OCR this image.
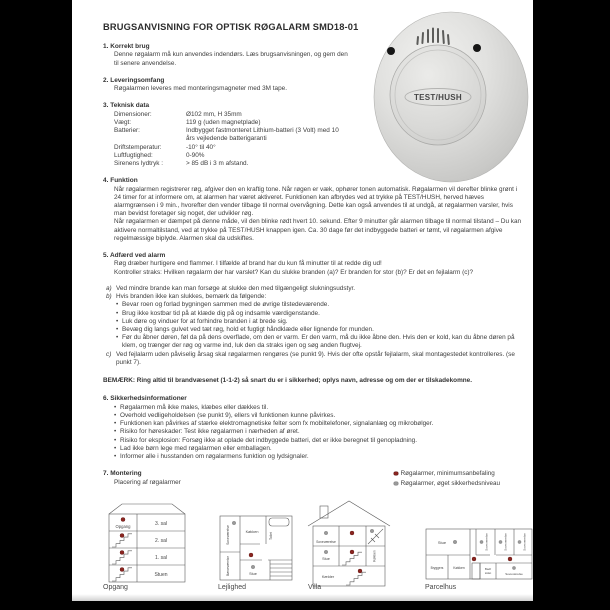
BRUGSANVISNING FOR OPTISK RØGALARM SMD18-01
1. Korrekt brug
Denne røgalarm må kun anvendes indendørs. Læs brugsanvisningen, og gem den til senere anvendelse.
2. Leveringsomfang
Røgalarmen leveres med monteringsmagneter med 3M tape.
3. Teknisk data
Dimensioner:	Ø102 mm, H 35mm
Vægt:	119 g (uden magnetplade)
Batterier:	Indbygget fastmonteret Lithium-batteri (3 Volt) med 10 års vejledende batterigaranti
Driftstemperatur:	-10° til 40°
Luftfugtighed:	0-90%
Sirenens lydtryk :	> 85 dB i 3 m afstand.
4. Funktion
Når røgalarmen registrerer røg, afgiver den en kraftig tone. Når røgen er væk, ophører tonen automatisk. Røgalarmen vil derefter blinke grønt i 24 timer for at informere om, at alarmen har været aktiveret. Funktionen kan afbrydes ved at trykke på TEST/HUSH, herved hæves alarmgrænsen i 9 min., hvorefter den vender tilbage til normal overvågning. Dette kan også anvendes til at undgå, at røgalarmen varsler, hvis man bevidst foretager sig noget, der udvikler røg.
Når røgalarmen er dæmpet på denne måde, vil den blinke rødt hvert 10. sekund. Efter 9 minutter går alarmen tilbage til normal tilstand – Du kan aktivere normaltilstand, ved at trykke på TEST/HUSH knappen igen. Ca. 30 dage før det indbyggede batteri er tømt, vil røgalarmen afgive regelmæssige biplyde. Alarmen skal da udskiftes.
5. Adfærd ved alarm
Røg dræber hurtigere end flammer. I tilfælde af brand har du kun få minutter til at redde dig ud!
Kontroller straks: Hvilken røgalarm der har varslet? Kan du slukke branden (a)? Er branden for stor (b)? Er det en fejlalarm (c)?
a) Ved mindre brande kan man forsøge at slukke den med tilgængeligt slukningsudstyr.
b) Hvis branden ikke kan slukkes, bemærk da følgende:
• Bevar roen og forlad bygningen sammen med de øvrige tilstedeværende.
• Brug ikke kostbar tid på at klæde dig på og indsamle værdigenstande.
• Luk døre og vinduer for at forhindre branden i at brede sig.
• Bevæg dig langs gulvet ved tæt røg, hold et fugtigt håndklæde eller lignende for munden.
• Før du åbner døren, føl da på dens overflade, om den er varm. Er den varm, må du ikke åbne den. Hvis den er kold, kan du åbne døren på klem, og trænger der røg og varme ind, luk den da straks igen og søg anden flugtvej.
c) Ved fejlalarm uden påviselig årsag skal røgalarmen rengøres (se punkt 9). Hvis der ofte opstår fejlalarm, skal montagestedet kontrolleres. (se punkt 7).
BEMÆRK: Ring altid til brandvæsenet (1-1-2) så snart du er i sikkerhed; oplys navn, adresse og om der er tilskadekomne.
6. Sikkerhedsinformationer
• Røgalarmen må ikke males, klæbes eller dækkes til.
• Overhold vedligeholdelsen (se punkt 9), ellers vil funktionen kunne påvirkes.
• Funktionen kan påvirkes af stærke elektromagnetiske felter som fx mobiltelefoner, signalanlæg og mikrobølger.
• Risiko for høreskader: Test ikke røgalarmen i nærheden af øret.
• Risiko for eksplosion: Forsøg ikke at oplade det indbyggede batteri, det er ikke beregnet til genopladning.
• Lad ikke børn lege med røgalarmen eller emballagen.
• Informer alle i husstanden om røgalarmens funktion og lydsignaler.
7. Montering
Placering af røgalarmer
TEST/HUSH
Røgalarmer, minimumsanbefaling
Røgalarmer, øget sikkerhedsniveau
Opgang	3. sal
2. sal
1. sal
Stuen
Opgang
Soveværelse	Køkken
Toilet
Børneværelse	Stue
Lejlighed
Soveværelse
Stue	Køkken
Kælder
Villa
Stue	Soveværelse	Soveværelse	Soveværelse
Bryggers	Køkken	Bad/
toilet	Soveværelse
Parcelhus
